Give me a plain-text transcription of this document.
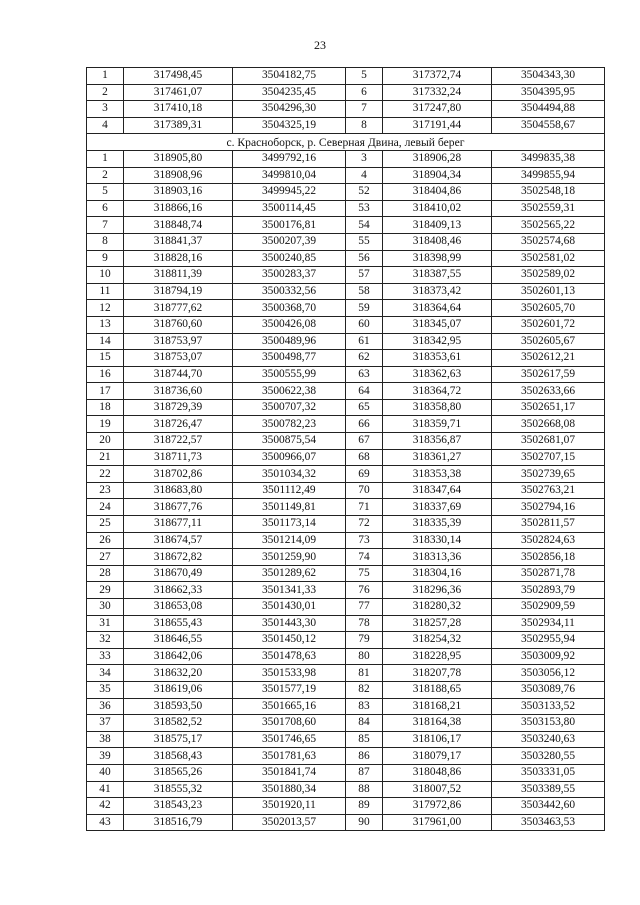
23
1	317498,45	3504182,75	5	317372,74	3504343,30
2	317461,07	3504235,45	6	317332,24	3504395,95
3	317410,18	3504296,30	7	317247,80	3504494,88
4	317389,31	3504325,19	8	317191,44	3504558,67
с. Красноборск, р. Северная Двина, левый берег					
1	318905,80	3499792,16	3	318906,28	3499835,38
2	318908,96	3499810,04	4	318904,34	3499855,94
5	318903,16	3499945,22	52	318404,86	3502548,18
6	318866,16	3500114,45	53	318410,02	3502559,31
7	318848,74	3500176,81	54	318409,13	3502565,22
8	318841,37	3500207,39	55	318408,46	3502574,68
9	318828,16	3500240,85	56	318398,99	3502581,02
10	318811,39	3500283,37	57	318387,55	3502589,02
11	318794,19	3500332,56	58	318373,42	3502601,13
12	318777,62	3500368,70	59	318364,64	3502605,70
13	318760,60	3500426,08	60	318345,07	3502601,72
14	318753,97	3500489,96	61	318342,95	3502605,67
15	318753,07	3500498,77	62	318353,61	3502612,21
16	318744,70	3500555,99	63	318362,63	3502617,59
17	318736,60	3500622,38	64	318364,72	3502633,66
18	318729,39	3500707,32	65	318358,80	3502651,17
19	318726,47	3500782,23	66	318359,71	3502668,08
20	318722,57	3500875,54	67	318356,87	3502681,07
21	318711,73	3500966,07	68	318361,27	3502707,15
22	318702,86	3501034,32	69	318353,38	3502739,65
23	318683,80	3501112,49	70	318347,64	3502763,21
24	318677,76	3501149,81	71	318337,69	3502794,16
25	318677,11	3501173,14	72	318335,39	3502811,57
26	318674,57	3501214,09	73	318330,14	3502824,63
27	318672,82	3501259,90	74	318313,36	3502856,18
28	318670,49	3501289,62	75	318304,16	3502871,78
29	318662,33	3501341,33	76	318296,36	3502893,79
30	318653,08	3501430,01	77	318280,32	3502909,59
31	318655,43	3501443,30	78	318257,28	3502934,11
32	318646,55	3501450,12	79	318254,32	3502955,94
33	318642,06	3501478,63	80	318228,95	3503009,92
34	318632,20	3501533,98	81	318207,78	3503056,12
35	318619,06	3501577,19	82	318188,65	3503089,76
36	318593,50	3501665,16	83	318168,21	3503133,52
37	318582,52	3501708,60	84	318164,38	3503153,80
38	318575,17	3501746,65	85	318106,17	3503240,63
39	318568,43	3501781,63	86	318079,17	3503280,55
40	318565,26	3501841,74	87	318048,86	3503331,05
41	318555,32	3501880,34	88	318007,52	3503389,55
42	318543,23	3501920,11	89	317972,86	3503442,60
43	318516,79	3502013,57	90	317961,00	3503463,53
